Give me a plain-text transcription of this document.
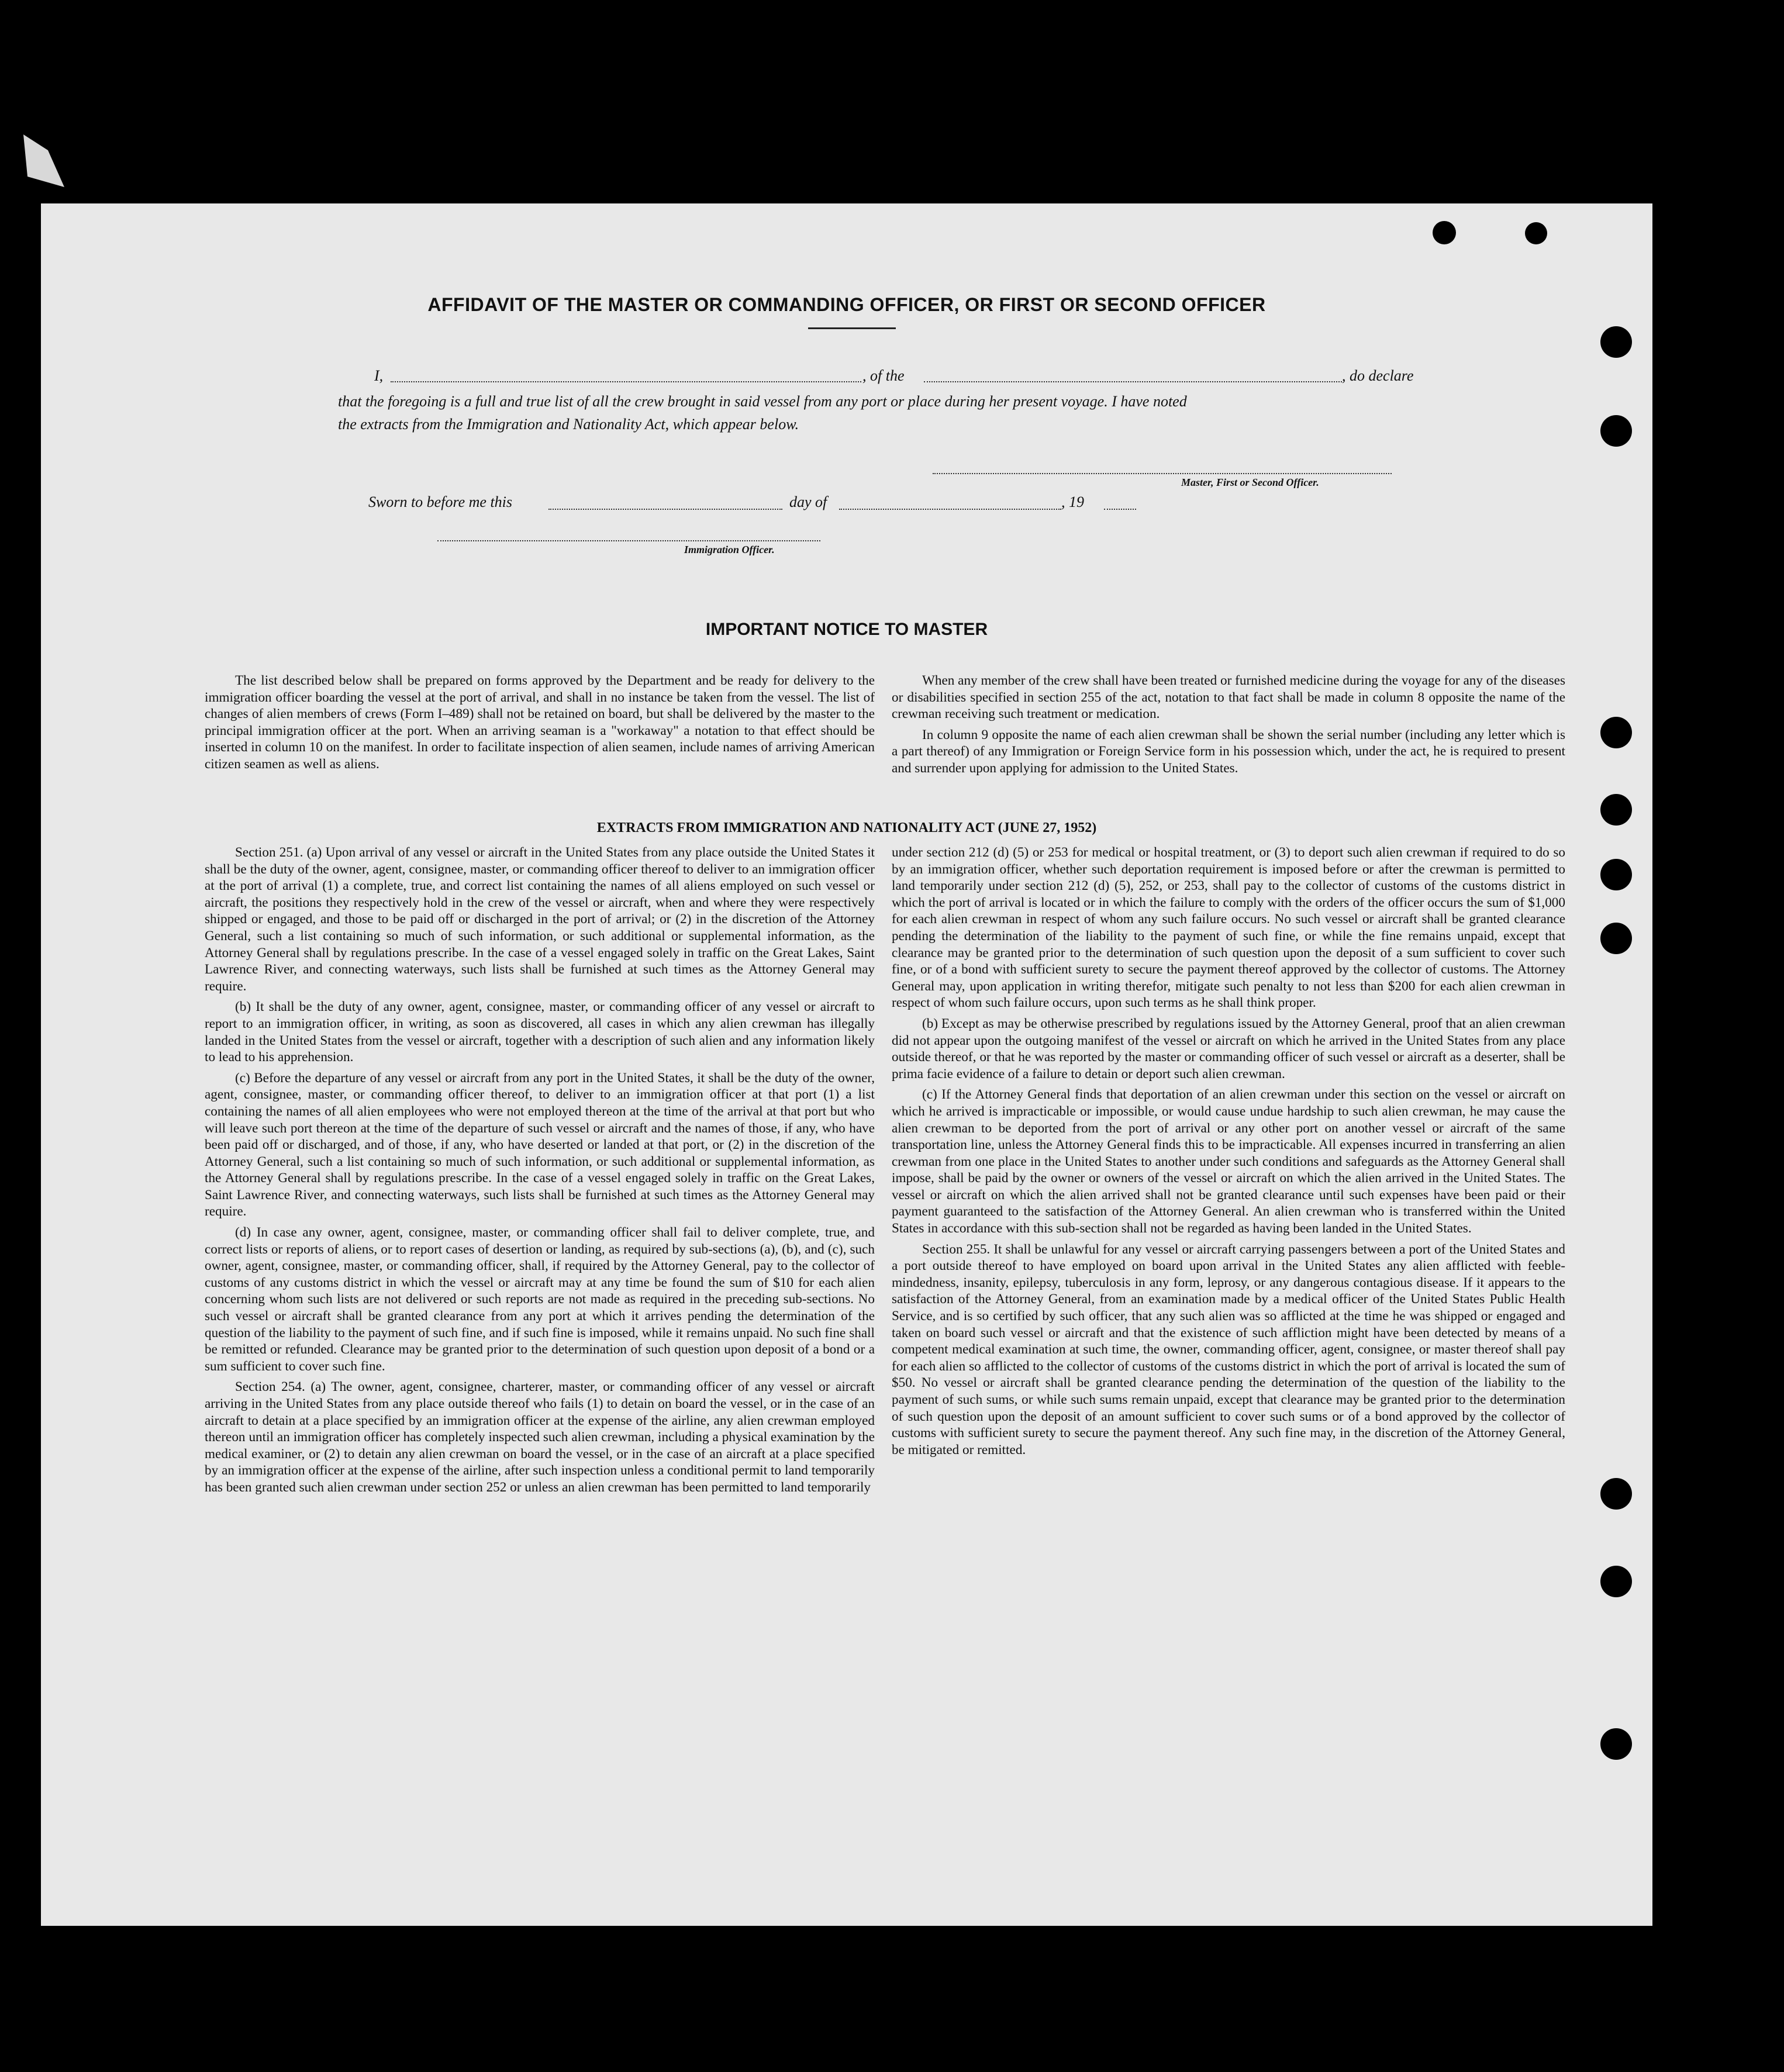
AFFIDAVIT OF THE MASTER OR COMMANDING OFFICER, OR FIRST OR SECOND OFFICER
I,	, of the	, do declare
that the foregoing is a full and true list of all the crew brought in said vessel from any port or place during her present voyage. I have noted
the extracts from the Immigration and Nationality Act, which appear below.
Master, First or Second Officer.
Sworn to before me this	day of	, 19
Immigration Officer.
IMPORTANT NOTICE TO MASTER

The list described below shall be prepared on forms approved by the Department and be ready for delivery to the immigration officer boarding the vessel at the port of arrival, and shall in no instance be taken from the vessel. The list of changes of alien members of crews (Form I–489) shall not be retained on board, but shall be delivered by the master to the principal immigration officer at the port. When an arriving seaman is a "workaway" a notation to that effect should be inserted in column 10 on the manifest. In order to facilitate inspection of alien seamen, include names of arriving American citizen seamen as well as aliens.

When any member of the crew shall have been treated or furnished medicine during the voyage for any of the diseases or disabilities specified in section 255 of the act, notation to that fact shall be made in column 8 opposite the name of the crewman receiving such treatment or medication.

In column 9 opposite the name of each alien crewman shall be shown the serial number (including any letter which is a part thereof) of any Immigration or Foreign Service form in his possession which, under the act, he is required to present and surrender upon applying for admission to the United States.

EXTRACTS FROM IMMIGRATION AND NATIONALITY ACT (JUNE 27, 1952)

Section 251. (a) Upon arrival of any vessel or aircraft in the United States from any place outside the United States it shall be the duty of the owner, agent, consignee, master, or commanding officer thereof to deliver to an immigration officer at the port of arrival (1) a complete, true, and correct list containing the names of all aliens employed on such vessel or aircraft, the positions they respectively hold in the crew of the vessel or aircraft, when and where they were respectively shipped or engaged, and those to be paid off or discharged in the port of arrival; or (2) in the discretion of the Attorney General, such a list containing so much of such information, or such additional or supplemental information, as the Attorney General shall by regulations prescribe. In the case of a vessel engaged solely in traffic on the Great Lakes, Saint Lawrence River, and connecting waterways, such lists shall be furnished at such times as the Attorney General may require.

(b) It shall be the duty of any owner, agent, consignee, master, or commanding officer of any vessel or aircraft to report to an immigration officer, in writing, as soon as discovered, all cases in which any alien crewman has illegally landed in the United States from the vessel or aircraft, together with a description of such alien and any information likely to lead to his apprehension.

(c) Before the departure of any vessel or aircraft from any port in the United States, it shall be the duty of the owner, agent, consignee, master, or commanding officer thereof, to deliver to an immigration officer at that port (1) a list containing the names of all alien employees who were not employed thereon at the time of the arrival at that port but who will leave such port thereon at the time of the departure of such vessel or aircraft and the names of those, if any, who have been paid off or discharged, and of those, if any, who have deserted or landed at that port, or (2) in the discretion of the Attorney General, such a list containing so much of such information, or such additional or supplemental information, as the Attorney General shall by regulations prescribe. In the case of a vessel engaged solely in traffic on the Great Lakes, Saint Lawrence River, and connecting waterways, such lists shall be furnished at such times as the Attorney General may require.

(d) In case any owner, agent, consignee, master, or commanding officer shall fail to deliver complete, true, and correct lists or reports of aliens, or to report cases of desertion or landing, as required by sub-sections (a), (b), and (c), such owner, agent, consignee, master, or commanding officer, shall, if required by the Attorney General, pay to the collector of customs of any customs district in which the vessel or aircraft may at any time be found the sum of $10 for each alien concerning whom such lists are not delivered or such reports are not made as required in the preceding sub-sections. No such vessel or aircraft shall be granted clearance from any port at which it arrives pending the determination of the question of the liability to the payment of such fine, and if such fine is imposed, while it remains unpaid. No such fine shall be remitted or refunded. Clearance may be granted prior to the determination of such question upon deposit of a bond or a sum sufficient to cover such fine.

Section 254. (a) The owner, agent, consignee, charterer, master, or commanding officer of any vessel or aircraft arriving in the United States from any place outside thereof who fails (1) to detain on board the vessel, or in the case of an aircraft to detain at a place specified by an immigration officer at the expense of the airline, any alien crewman employed thereon until an immigration officer has completely inspected such alien crewman, including a physical examination by the medical examiner, or (2) to detain any alien crewman on board the vessel, or in the case of an aircraft at a place specified by an immigration officer at the expense of the airline, after such inspection unless a conditional permit to land temporarily has been granted such alien crewman under section 252 or unless an alien crewman has been permitted to land temporarily

under section 212 (d) (5) or 253 for medical or hospital treatment, or (3) to deport such alien crewman if required to do so by an immigration officer, whether such deportation requirement is imposed before or after the crewman is permitted to land temporarily under section 212 (d) (5), 252, or 253, shall pay to the collector of customs of the customs district in which the port of arrival is located or in which the failure to comply with the orders of the officer occurs the sum of $1,000 for each alien crewman in respect of whom any such failure occurs. No such vessel or aircraft shall be granted clearance pending the determination of the liability to the payment of such fine, or while the fine remains unpaid, except that clearance may be granted prior to the determination of such question upon the deposit of a sum sufficient to cover such fine, or of a bond with sufficient surety to secure the payment thereof approved by the collector of customs. The Attorney General may, upon application in writing therefor, mitigate such penalty to not less than $200 for each alien crewman in respect of whom such failure occurs, upon such terms as he shall think proper.

(b) Except as may be otherwise prescribed by regulations issued by the Attorney General, proof that an alien crewman did not appear upon the outgoing manifest of the vessel or aircraft on which he arrived in the United States from any place outside thereof, or that he was reported by the master or commanding officer of such vessel or aircraft as a deserter, shall be prima facie evidence of a failure to detain or deport such alien crewman.

(c) If the Attorney General finds that deportation of an alien crewman under this section on the vessel or aircraft on which he arrived is impracticable or impossible, or would cause undue hardship to such alien crewman, he may cause the alien crewman to be deported from the port of arrival or any other port on another vessel or aircraft of the same transportation line, unless the Attorney General finds this to be impracticable. All expenses incurred in transferring an alien crewman from one place in the United States to another under such conditions and safeguards as the Attorney General shall impose, shall be paid by the owner or owners of the vessel or aircraft on which the alien arrived in the United States. The vessel or aircraft on which the alien arrived shall not be granted clearance until such expenses have been paid or their payment guaranteed to the satisfaction of the Attorney General. An alien crewman who is transferred within the United States in accordance with this sub-section shall not be regarded as having been landed in the United States.

Section 255. It shall be unlawful for any vessel or aircraft carrying passengers between a port of the United States and a port outside thereof to have employed on board upon arrival in the United States any alien afflicted with feeble-mindedness, insanity, epilepsy, tuberculosis in any form, leprosy, or any dangerous contagious disease. If it appears to the satisfaction of the Attorney General, from an examination made by a medical officer of the United States Public Health Service, and is so certified by such officer, that any such alien was so afflicted at the time he was shipped or engaged and taken on board such vessel or aircraft and that the existence of such affliction might have been detected by means of a competent medical examination at such time, the owner, commanding officer, agent, consignee, or master thereof shall pay for each alien so afflicted to the collector of customs of the customs district in which the port of arrival is located the sum of $50. No vessel or aircraft shall be granted clearance pending the determination of the question of the liability to the payment of such sums, or while such sums remain unpaid, except that clearance may be granted prior to the determination of such question upon the deposit of an amount sufficient to cover such sums or of a bond approved by the collector of customs with sufficient surety to secure the payment thereof. Any such fine may, in the discretion of the Attorney General, be mitigated or remitted.
